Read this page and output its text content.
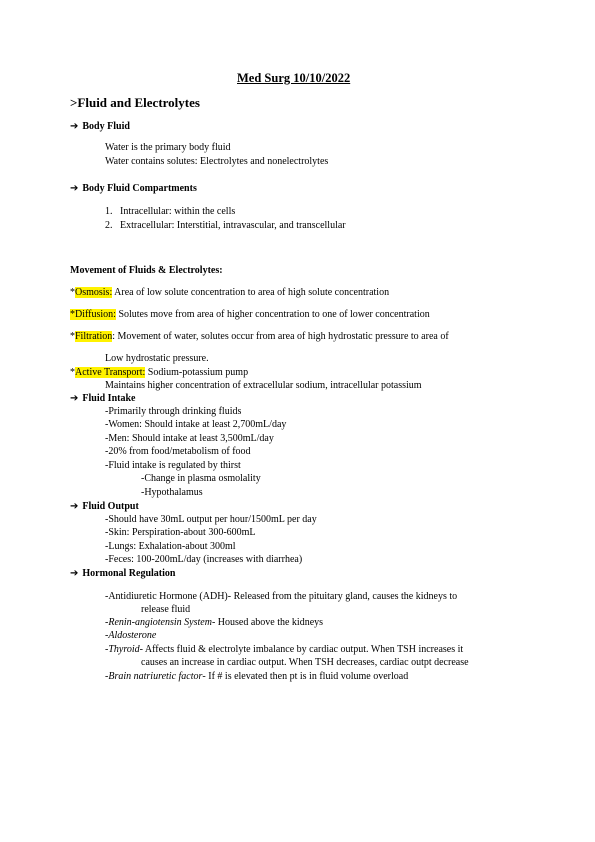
Med Surg 10/10/2022
>Fluid and Electrolytes
➔ Body Fluid
Water is the primary body fluid
Water contains solutes: Electrolytes and nonelectrolytes
➔ Body Fluid Compartments
1. Intracellular: within the cells
2. Extracellular: Interstitial, intravascular, and transcellular
Movement of Fluids & Electrolytes:
*Osmosis: Area of low solute concentration to area of high solute concentration
*Diffusion: Solutes move from area of higher concentration to one of lower concentration
*Filtration: Movement of water, solutes occur from area of high hydrostatic pressure to area of
Low hydrostatic pressure.
*Active Transport: Sodium-potassium pump
Maintains higher concentration of extracellular sodium, intracellular potassium
➔ Fluid Intake
-Primarily through drinking fluids
-Women: Should intake at least 2,700mL/day
-Men: Should intake at least 3,500mL/day
-20% from food/metabolism of food
-Fluid intake is regulated by thirst
-Change in plasma osmolality
-Hypothalamus
➔ Fluid Output
-Should have 30mL output per hour/1500mL per day
-Skin: Perspiration-about 300-600mL
-Lungs: Exhalation-about 300ml
-Feces: 100-200mL/day (increases with diarrhea)
➔ Hormonal Regulation
-Antidiuretic Hormone (ADH)- Released from the pituitary gland, causes the kidneys to
release fluid
-Renin-angiotensin System- Housed above the kidneys
-Aldosterone
-Thyroid- Affects fluid & electrolyte imbalance by cardiac output. When TSH increases it
causes an increase in cardiac output. When TSH decreases, cardiac outpt decrease
-Brain natriuretic factor- If # is elevated then pt is in fluid volume overload
